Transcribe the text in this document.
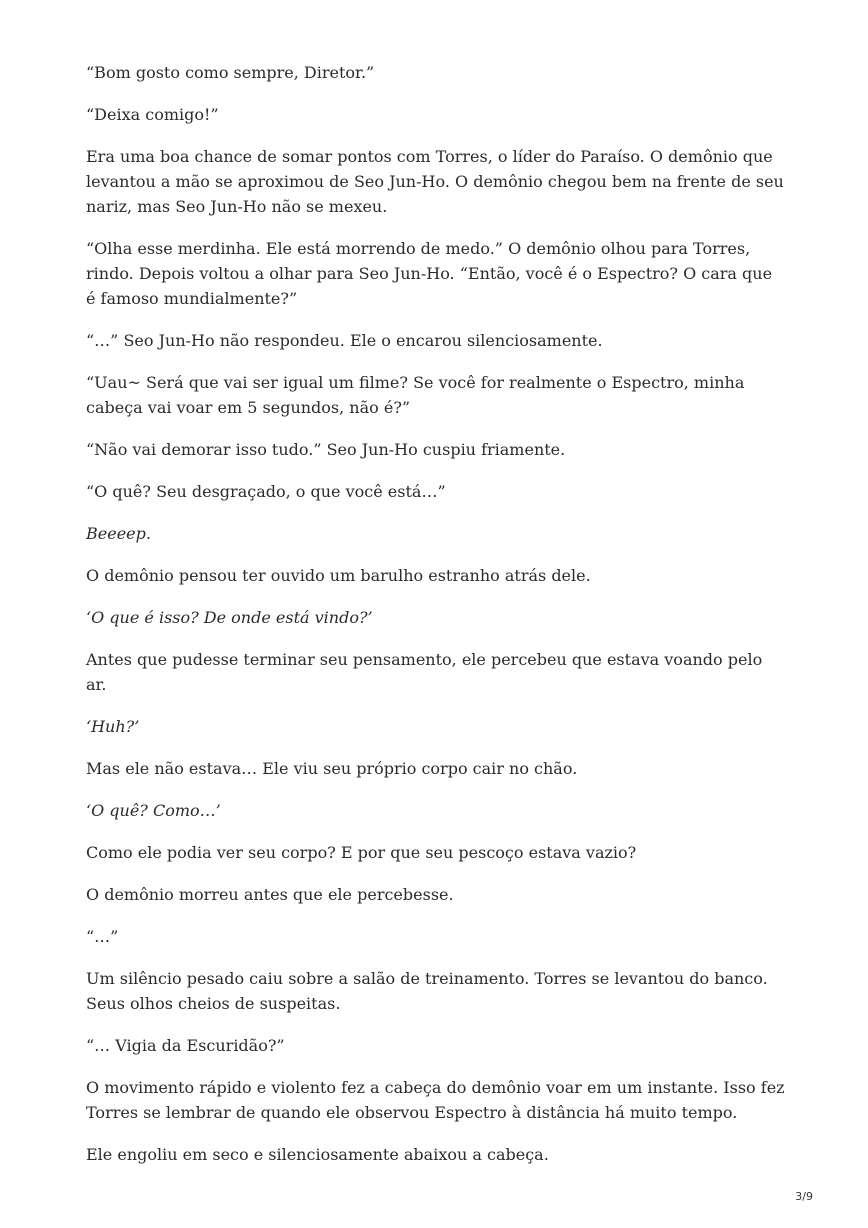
“Bom gosto como sempre, Diretor.”

“Deixa comigo!”

Era uma boa chance de somar pontos com Torres, o líder do Paraíso. O demônio que levantou a mão se aproximou de Seo Jun-Ho. O demônio chegou bem na frente de seu nariz, mas Seo Jun-Ho não se mexeu.

“Olha esse merdinha. Ele está morrendo de medo.” O demônio olhou para Torres, rindo. Depois voltou a olhar para Seo Jun-Ho. “Então, você é o Espectro? O cara que é famoso mundialmente?”

“…” Seo Jun-Ho não respondeu. Ele o encarou silenciosamente.

“Uau~ Será que vai ser igual um filme? Se você for realmente o Espectro, minha cabeça vai voar em 5 segundos, não é?”

“Não vai demorar isso tudo.” Seo Jun-Ho cuspiu friamente.

“O quê? Seu desgraçado, o que você está…”

Beeeep.

O demônio pensou ter ouvido um barulho estranho atrás dele.

‘O que é isso? De onde está vindo?’

Antes que pudesse terminar seu pensamento, ele percebeu que estava voando pelo ar.

‘Huh?’

Mas ele não estava… Ele viu seu próprio corpo cair no chão.

‘O quê? Como…’

Como ele podia ver seu corpo? E por que seu pescoço estava vazio?

O demônio morreu antes que ele percebesse.

“…”

Um silêncio pesado caiu sobre a salão de treinamento. Torres se levantou do banco. Seus olhos cheios de suspeitas.

“… Vigia da Escuridão?”

O movimento rápido e violento fez a cabeça do demônio voar em um instante. Isso fez Torres se lembrar de quando ele observou Espectro à distância há muito tempo.

Ele engoliu em seco e silenciosamente abaixou a cabeça.

3/9
